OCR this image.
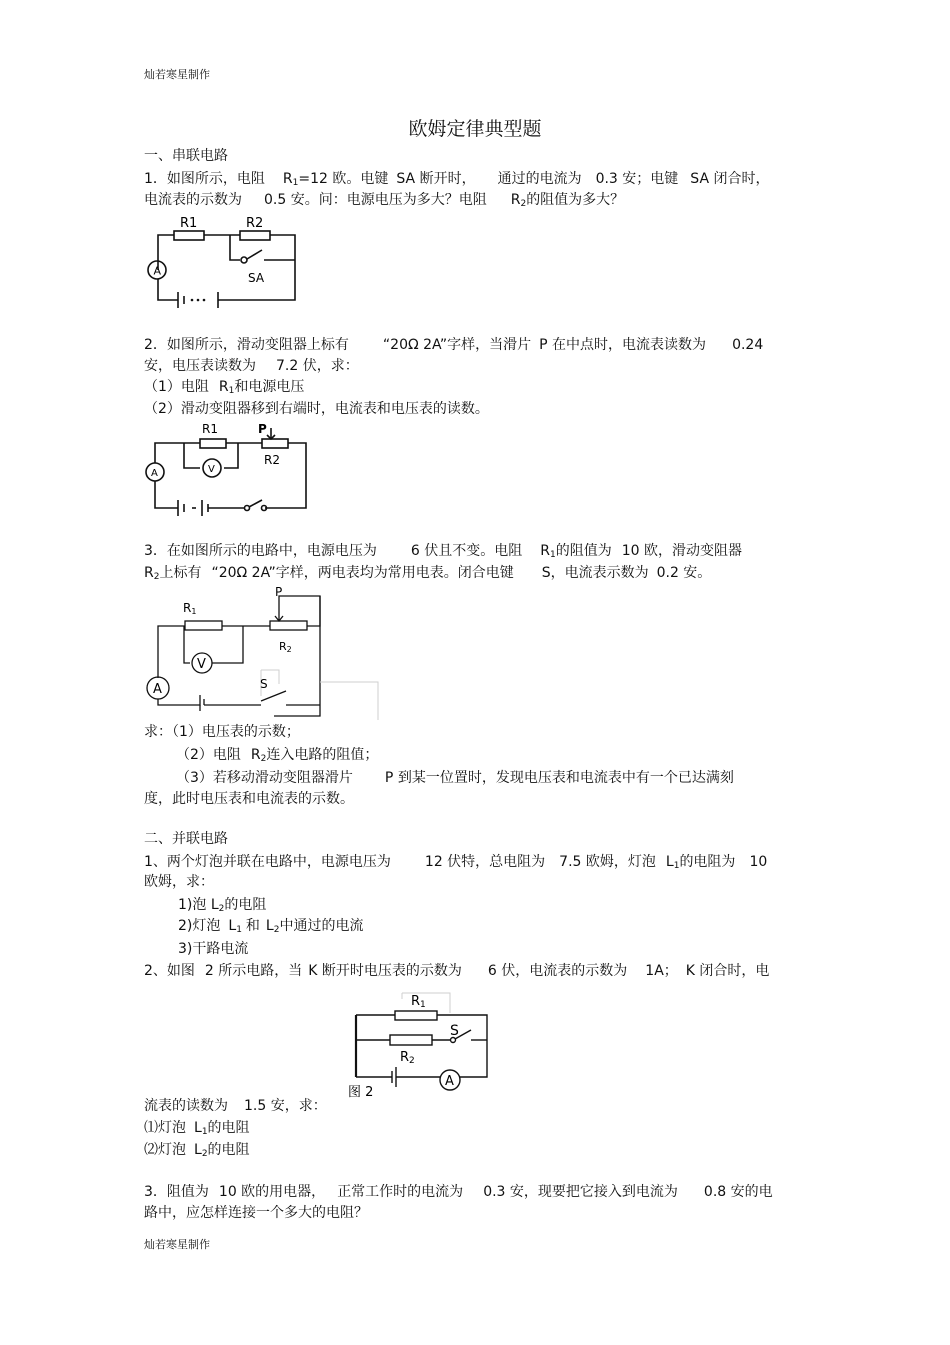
灿若寒星制作
欧姆定律典型题
一、串联电路
1．如图所示，电阻 $R_1=12$ 欧。电键 SA 断开时， 通过的电流为 0.3 安；电键 SA 闭合时，
电流表的示数为 0.5 安。问：电源电压为多大？电阻 $R_2$的阻值为多大？
R1	R2
SA
A
2．如图所示，滑动变阻器上标有 “20Ω 2A”字样，当滑片 P 在中点时，电流表读数为 0.24
安，电压表读数为 7.2 伏，求：
（1）电阻 $R_1$和电源电压
（2）滑动变阻器移到右端时，电流表和电压表的读数。
R1	P
R2
V
A
3．在如图所示的电路中，电源电压为 6 伏且不变。电阻 $R_1$的阻值为 10 欧，滑动变阻器
$R_2$上标有 “20Ω 2A”字样，两电表均为常用电表。闭合电键 S，电流表示数为 0.2 安。
R1
P
R2
S
V
A
求：（1）电压表的示数；
（2）电阻 $R_2$连入电路的阻值；
（3）若移动滑动变阻器滑片 P 到某一位置时，发现电压表和电流表中有一个已达满刻
度，此时电压表和电流表的示数。
二、并联电路
1、两个灯泡并联在电路中，电源电压为 12 伏特，总电阻为 7.5 欧姆，灯泡 $L_1$的电阻为 10
欧姆，求：
1)泡 $L_2$的电阻
2)灯泡 $L_1$ 和 $L_2$中通过的电流
3)干路电流
2、如图 2 所示电路，当 K 断开时电压表的示数为 6 伏，电流表的示数为 1A； K 闭合时，电
R1
S
R2
A
图 2
流表的读数为 1.5 安，求：
⑴灯泡 $L_1$的电阻
⑵灯泡 $L_2$的电阻
3．阻值为 10 欧的用电器， 正常工作时的电流为 0.3 安，现要把它接入到电流为 0.8 安的电
路中，应怎样连接一个多大的电阻？
灿若寒星制作
